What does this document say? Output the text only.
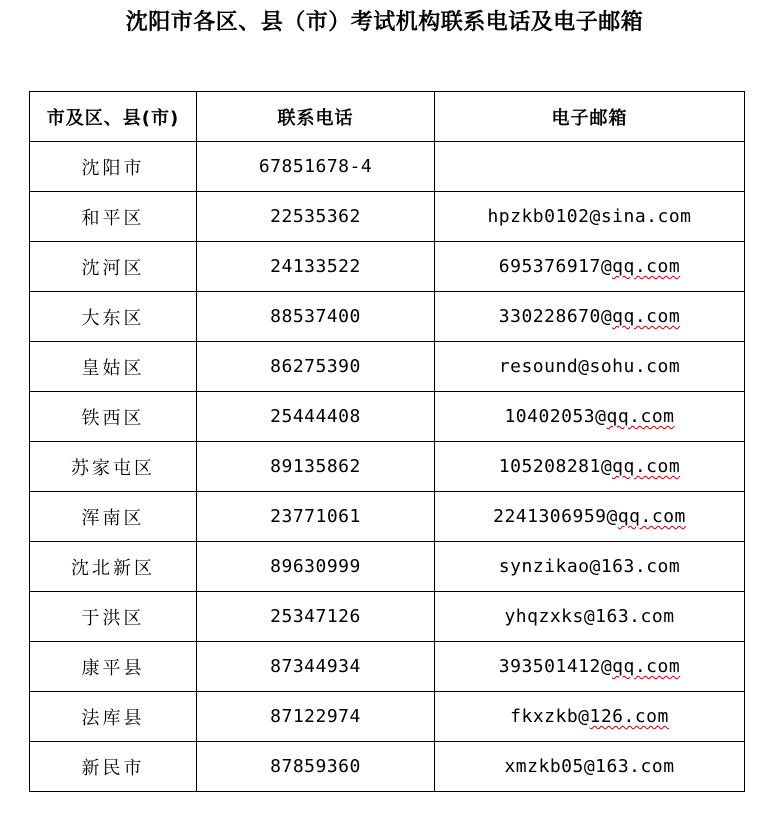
沈阳市各区、县（市）考试机构联系电话及电子邮箱
市及区、县(市)	联系电话	电子邮箱
沈阳市	67851678-4	
和平区	22535362	hpzkb0102@sina.com
沈河区	24133522	695376917@qq.com
大东区	88537400	330228670@qq.com
皇姑区	86275390	resound@sohu.com
铁西区	25444408	10402053@qq.com
苏家屯区	89135862	105208281@qq.com
浑南区	23771061	2241306959@qq.com
沈北新区	89630999	synzikao@163.com
于洪区	25347126	yhqzxks@163.com
康平县	87344934	393501412@qq.com
法库县	87122974	fkxzkb@126.com
新民市	87859360	xmzkb05@163.com
